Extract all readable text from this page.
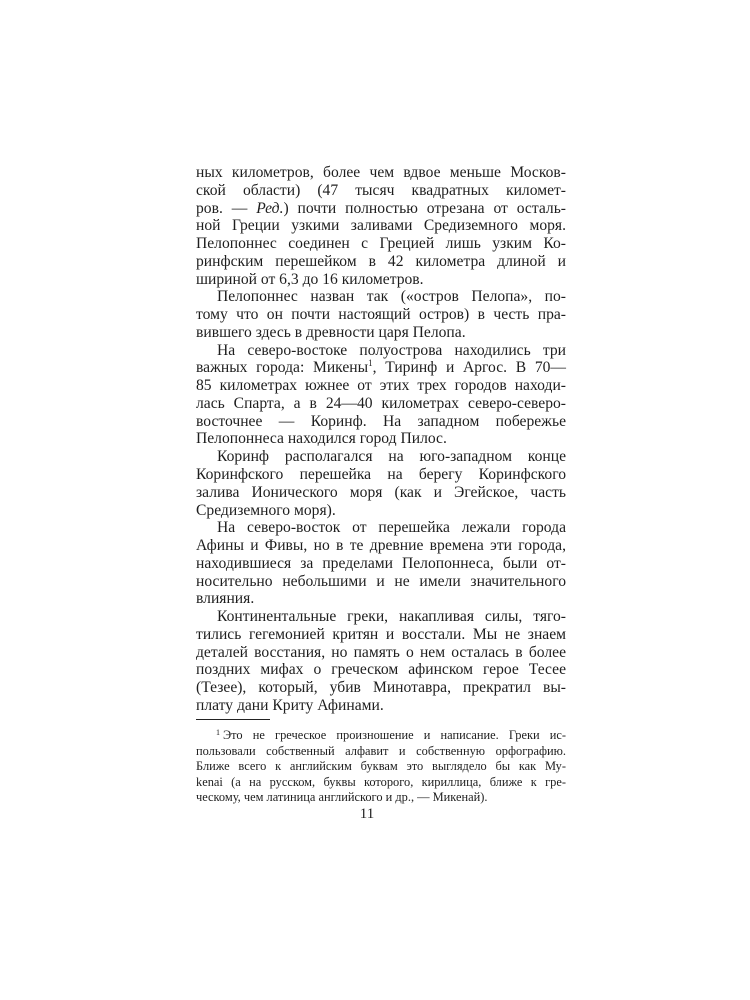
ных километров, более чем вдвое меньше Москов-
ской области) (47 тысяч квадратных километ-
ров. — Ред.) почти полностью отрезана от осталь-
ной Греции узкими заливами Средиземного моря.
Пелопоннес соединен с Грецией лишь узким Ко-
ринфским перешейком в 42 километра длиной и
шириной от 6,3 до 16 километров.
Пелопоннес назван так («остров Пелопа», по-
тому что он почти настоящий остров) в честь пра-
вившего здесь в древности царя Пелопа.
На северо-востоке полуострова находились три
важных города: Микены$^1$, Тиринф и Аргос. В 70—
85 километрах южнее от этих трех городов находи-
лась Спарта, а в 24—40 километрах северо-северо-
восточнее — Коринф. На западном побережье
Пелопоннеса находился город Пилос.
Коринф располагался на юго-западном конце
Коринфского перешейка на берегу Коринфского
залива Ионического моря (как и Эгейское, часть
Средиземного моря).
На северо-восток от перешейка лежали города
Афины и Фивы, но в те древние времена эти города,
находившиеся за пределами Пелопоннеса, были от-
носительно небольшими и не имели значительного
влияния.
Континентальные греки, накапливая силы, тяго-
тились гегемонией критян и восстали. Мы не знаем
деталей восстания, но память о нем осталась в более
поздних мифах о греческом афинском герое Тесее
(Тезее), который, убив Минотавра, прекратил вы-
плату дани Криту Афинами.
$^1$ Это не греческое произношение и написание. Греки ис-
пользовали собственный алфавит и собственную орфографию.
Ближе всего к английским буквам это выглядело бы как Му-
kenai (а на русском, буквы которого, кириллица, ближе к гре-
ческому, чем латиница английского и др., — Микенай).
11
